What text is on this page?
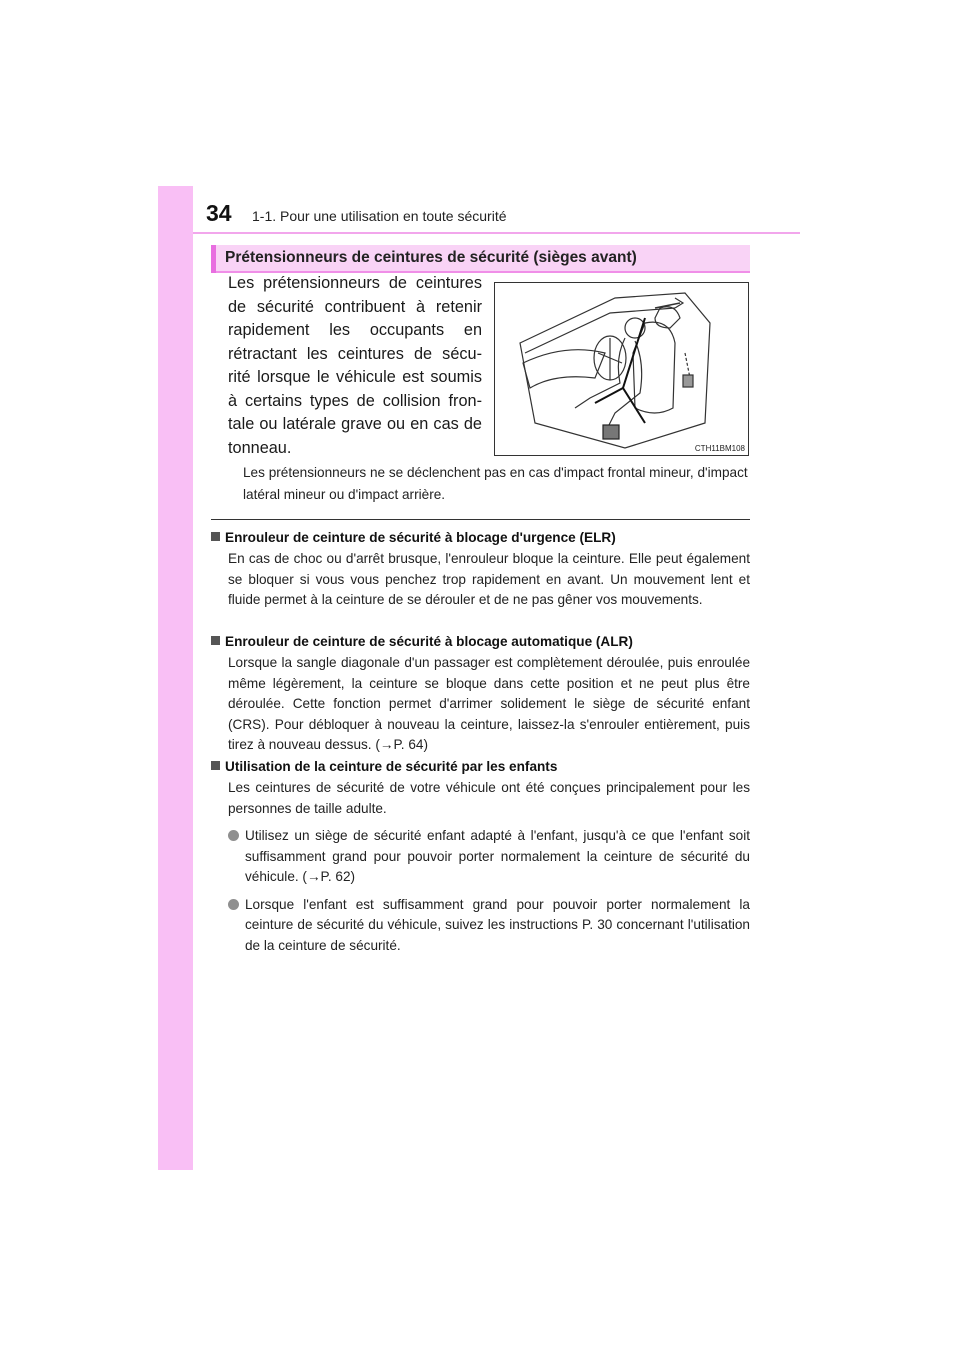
34 1-1. Pour une utilisation en toute sécurité
Prétensionneurs de ceintures de sécurité (sièges avant)
Les prétensionneurs de ceintures de sécurité contribuent à retenir rapidement les occupants en rétractant les ceintures de sécu-rité lorsque le véhicule est soumis à certains types de collision fron-tale ou latérale grave ou en cas de tonneau.	CTH11BM108
Les prétensionneurs ne se déclenchent pas en cas d'impact frontal mineur, d'impact latéral mineur ou d'impact arrière.
Enrouleur de ceinture de sécurité à blocage d'urgence (ELR)
En cas de choc ou d'arrêt brusque, l'enrouleur bloque la ceinture. Elle peut également se bloquer si vous vous penchez trop rapidement en avant. Un mouvement lent et fluide permet à la ceinture de se dérouler et de ne pas gêner vos mouvements.
Enrouleur de ceinture de sécurité à blocage automatique (ALR)
Lorsque la sangle diagonale d'un passager est complètement déroulée, puis enroulée même légèrement, la ceinture se bloque dans cette position et ne peut plus être déroulée. Cette fonction permet d'arrimer solidement le siège de sécurité enfant (CRS). Pour débloquer à nouveau la ceinture, laissez-la s'enrouler entièrement, puis tirez à nouveau dessus. (→P. 64)
Utilisation de la ceinture de sécurité par les enfants
Les ceintures de sécurité de votre véhicule ont été conçues principalement pour les personnes de taille adulte.
Utilisez un siège de sécurité enfant adapté à l'enfant, jusqu'à ce que l'enfant soit suffisamment grand pour pouvoir porter normalement la ceinture de sécurité du véhicule. (→P. 62)
Lorsque l'enfant est suffisamment grand pour pouvoir porter normalement la ceinture de sécurité du véhicule, suivez les instructions P. 30 concernant l'utilisation de la ceinture de sécurité.
